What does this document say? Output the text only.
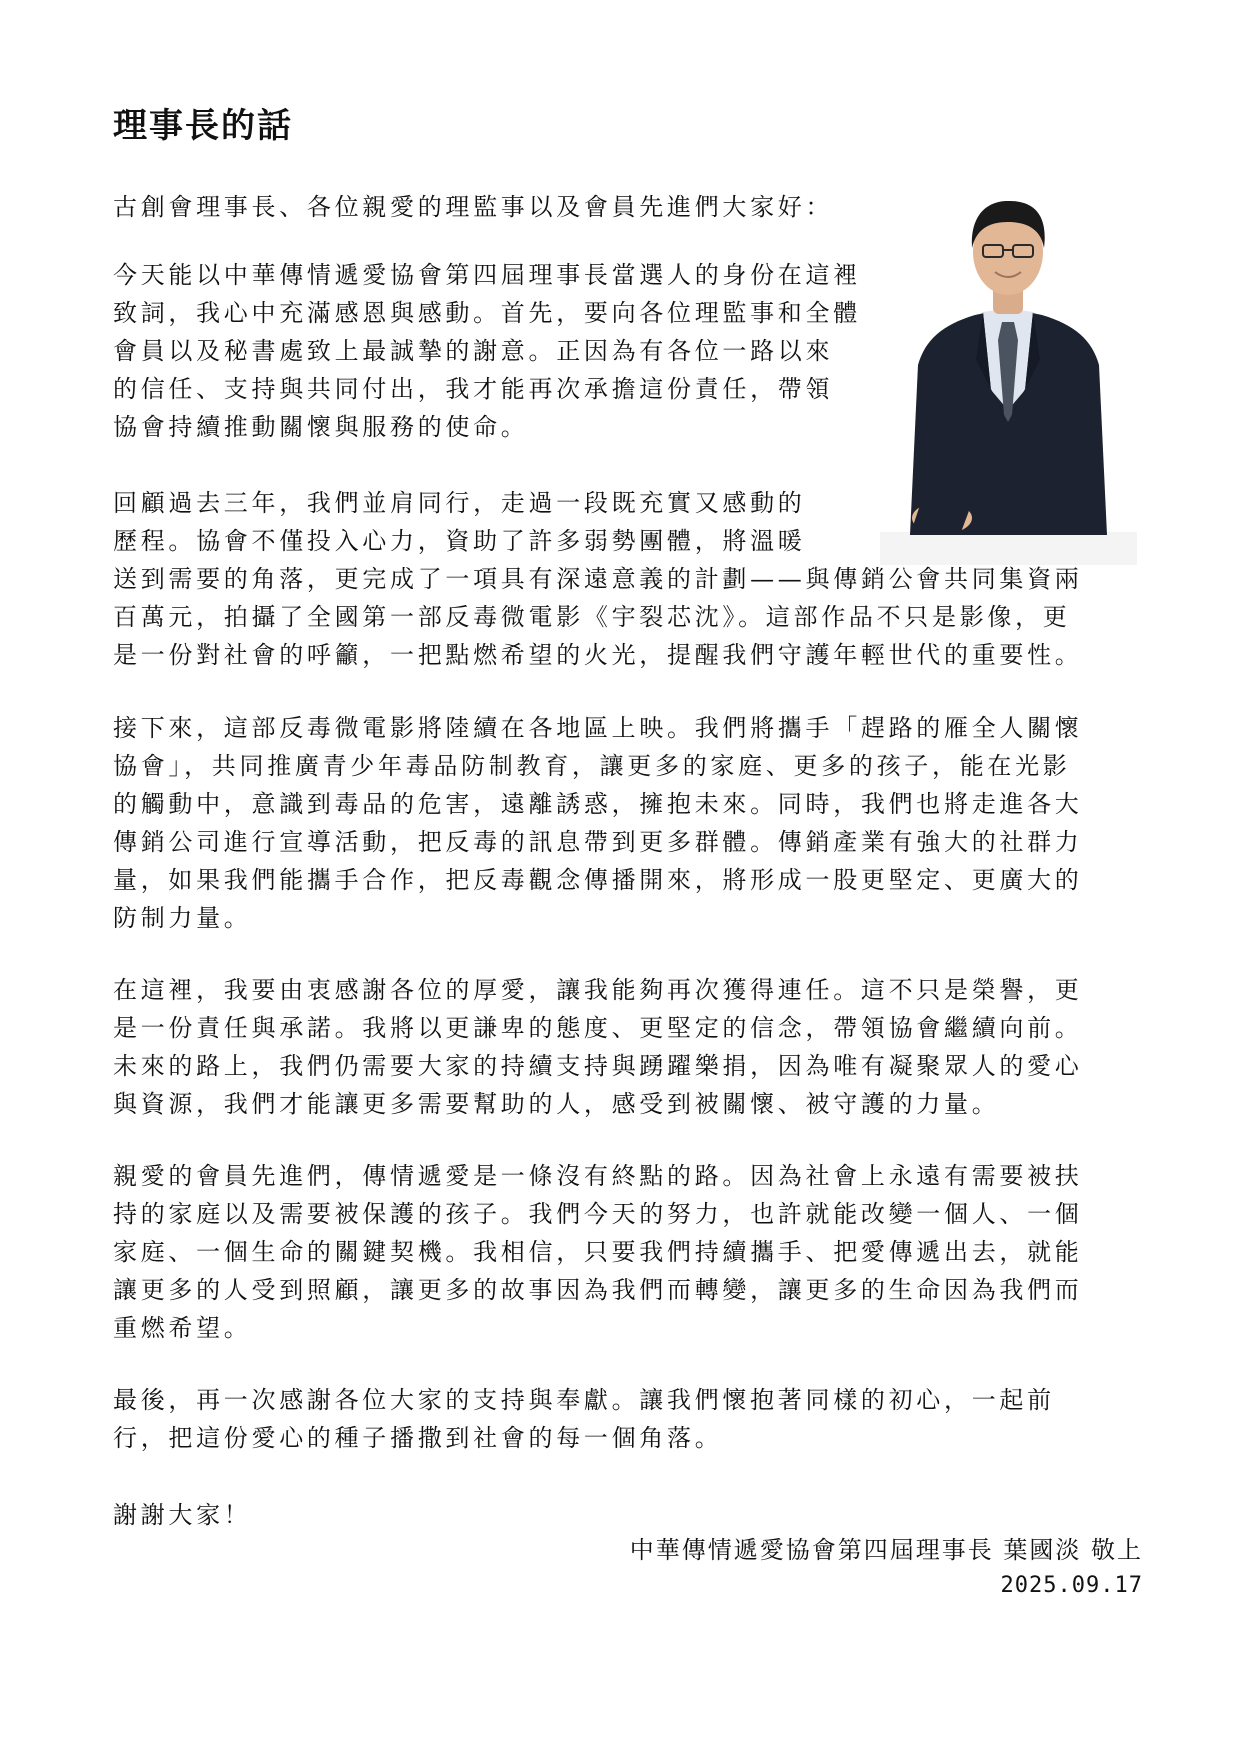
理事長的話

古創會理事長、各位親愛的理監事以及會員先進們大家好：

今天能以中華傳情遞愛協會第四屆理事長當選人的身份在這裡
致詞，我心中充滿感恩與感動。首先，要向各位理監事和全體
會員以及秘書處致上最誠摯的謝意。正因為有各位一路以來
的信任、支持與共同付出，我才能再次承擔這份責任，帶領
協會持續推動關懷與服務的使命。

回顧過去三年，我們並肩同行，走過一段既充實又感動的
歷程。協會不僅投入心力，資助了許多弱勢團體，將溫暖
送到需要的角落，更完成了一項具有深遠意義的計劃——與傳銷公會共同集資兩
百萬元，拍攝了全國第一部反毒微電影《宇裂芯沈》。這部作品不只是影像，更
是一份對社會的呼籲，一把點燃希望的火光，提醒我們守護年輕世代的重要性。

接下來，這部反毒微電影將陸續在各地區上映。我們將攜手「趕路的雁全人關懷
協會」，共同推廣青少年毒品防制教育，讓更多的家庭、更多的孩子，能在光影
的觸動中，意識到毒品的危害，遠離誘惑，擁抱未來。同時，我們也將走進各大
傳銷公司進行宣導活動，把反毒的訊息帶到更多群體。傳銷產業有強大的社群力
量，如果我們能攜手合作，把反毒觀念傳播開來，將形成一股更堅定、更廣大的
防制力量。

在這裡，我要由衷感謝各位的厚愛，讓我能夠再次獲得連任。這不只是榮譽，更
是一份責任與承諾。我將以更謙卑的態度、更堅定的信念，帶領協會繼續向前。
未來的路上，我們仍需要大家的持續支持與踴躍樂捐，因為唯有凝聚眾人的愛心
與資源，我們才能讓更多需要幫助的人，感受到被關懷、被守護的力量。

親愛的會員先進們，傳情遞愛是一條沒有終點的路。因為社會上永遠有需要被扶
持的家庭以及需要被保護的孩子。我們今天的努力，也許就能改變一個人、一個
家庭、一個生命的關鍵契機。我相信，只要我們持續攜手、把愛傳遞出去，就能
讓更多的人受到照顧，讓更多的故事因為我們而轉變，讓更多的生命因為我們而
重燃希望。

最後，再一次感謝各位大家的支持與奉獻。讓我們懷抱著同樣的初心，一起前
行，把這份愛心的種子播撒到社會的每一個角落。

謝謝大家！

中華傳情遞愛協會第四屆理事長 葉國淡 敬上
2025.09.17
